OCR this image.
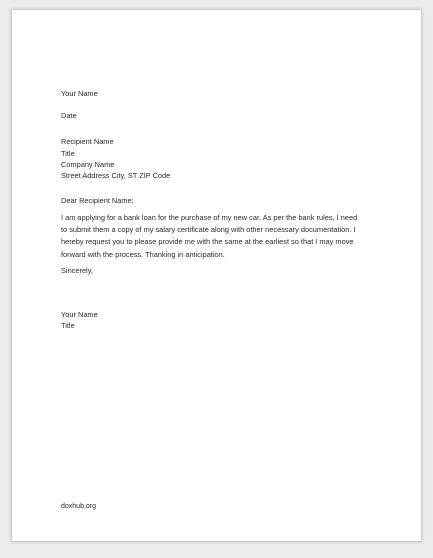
Your Name
Date
Recipient Name
Title
Company Name
Street Address City, ST ZIP Code
Dear Recipient Name:
I am applying for a bank loan for the purchase of my new car. As per the bank rules, I need
to submit them a copy of my salary certificate along with other necessary documentation. I
hereby request you to please provide me with the same at the earliest so that I may move
forward with the process. Thanking in anticipation.
Sincerely,
Your Name
Title
doxhub.org
